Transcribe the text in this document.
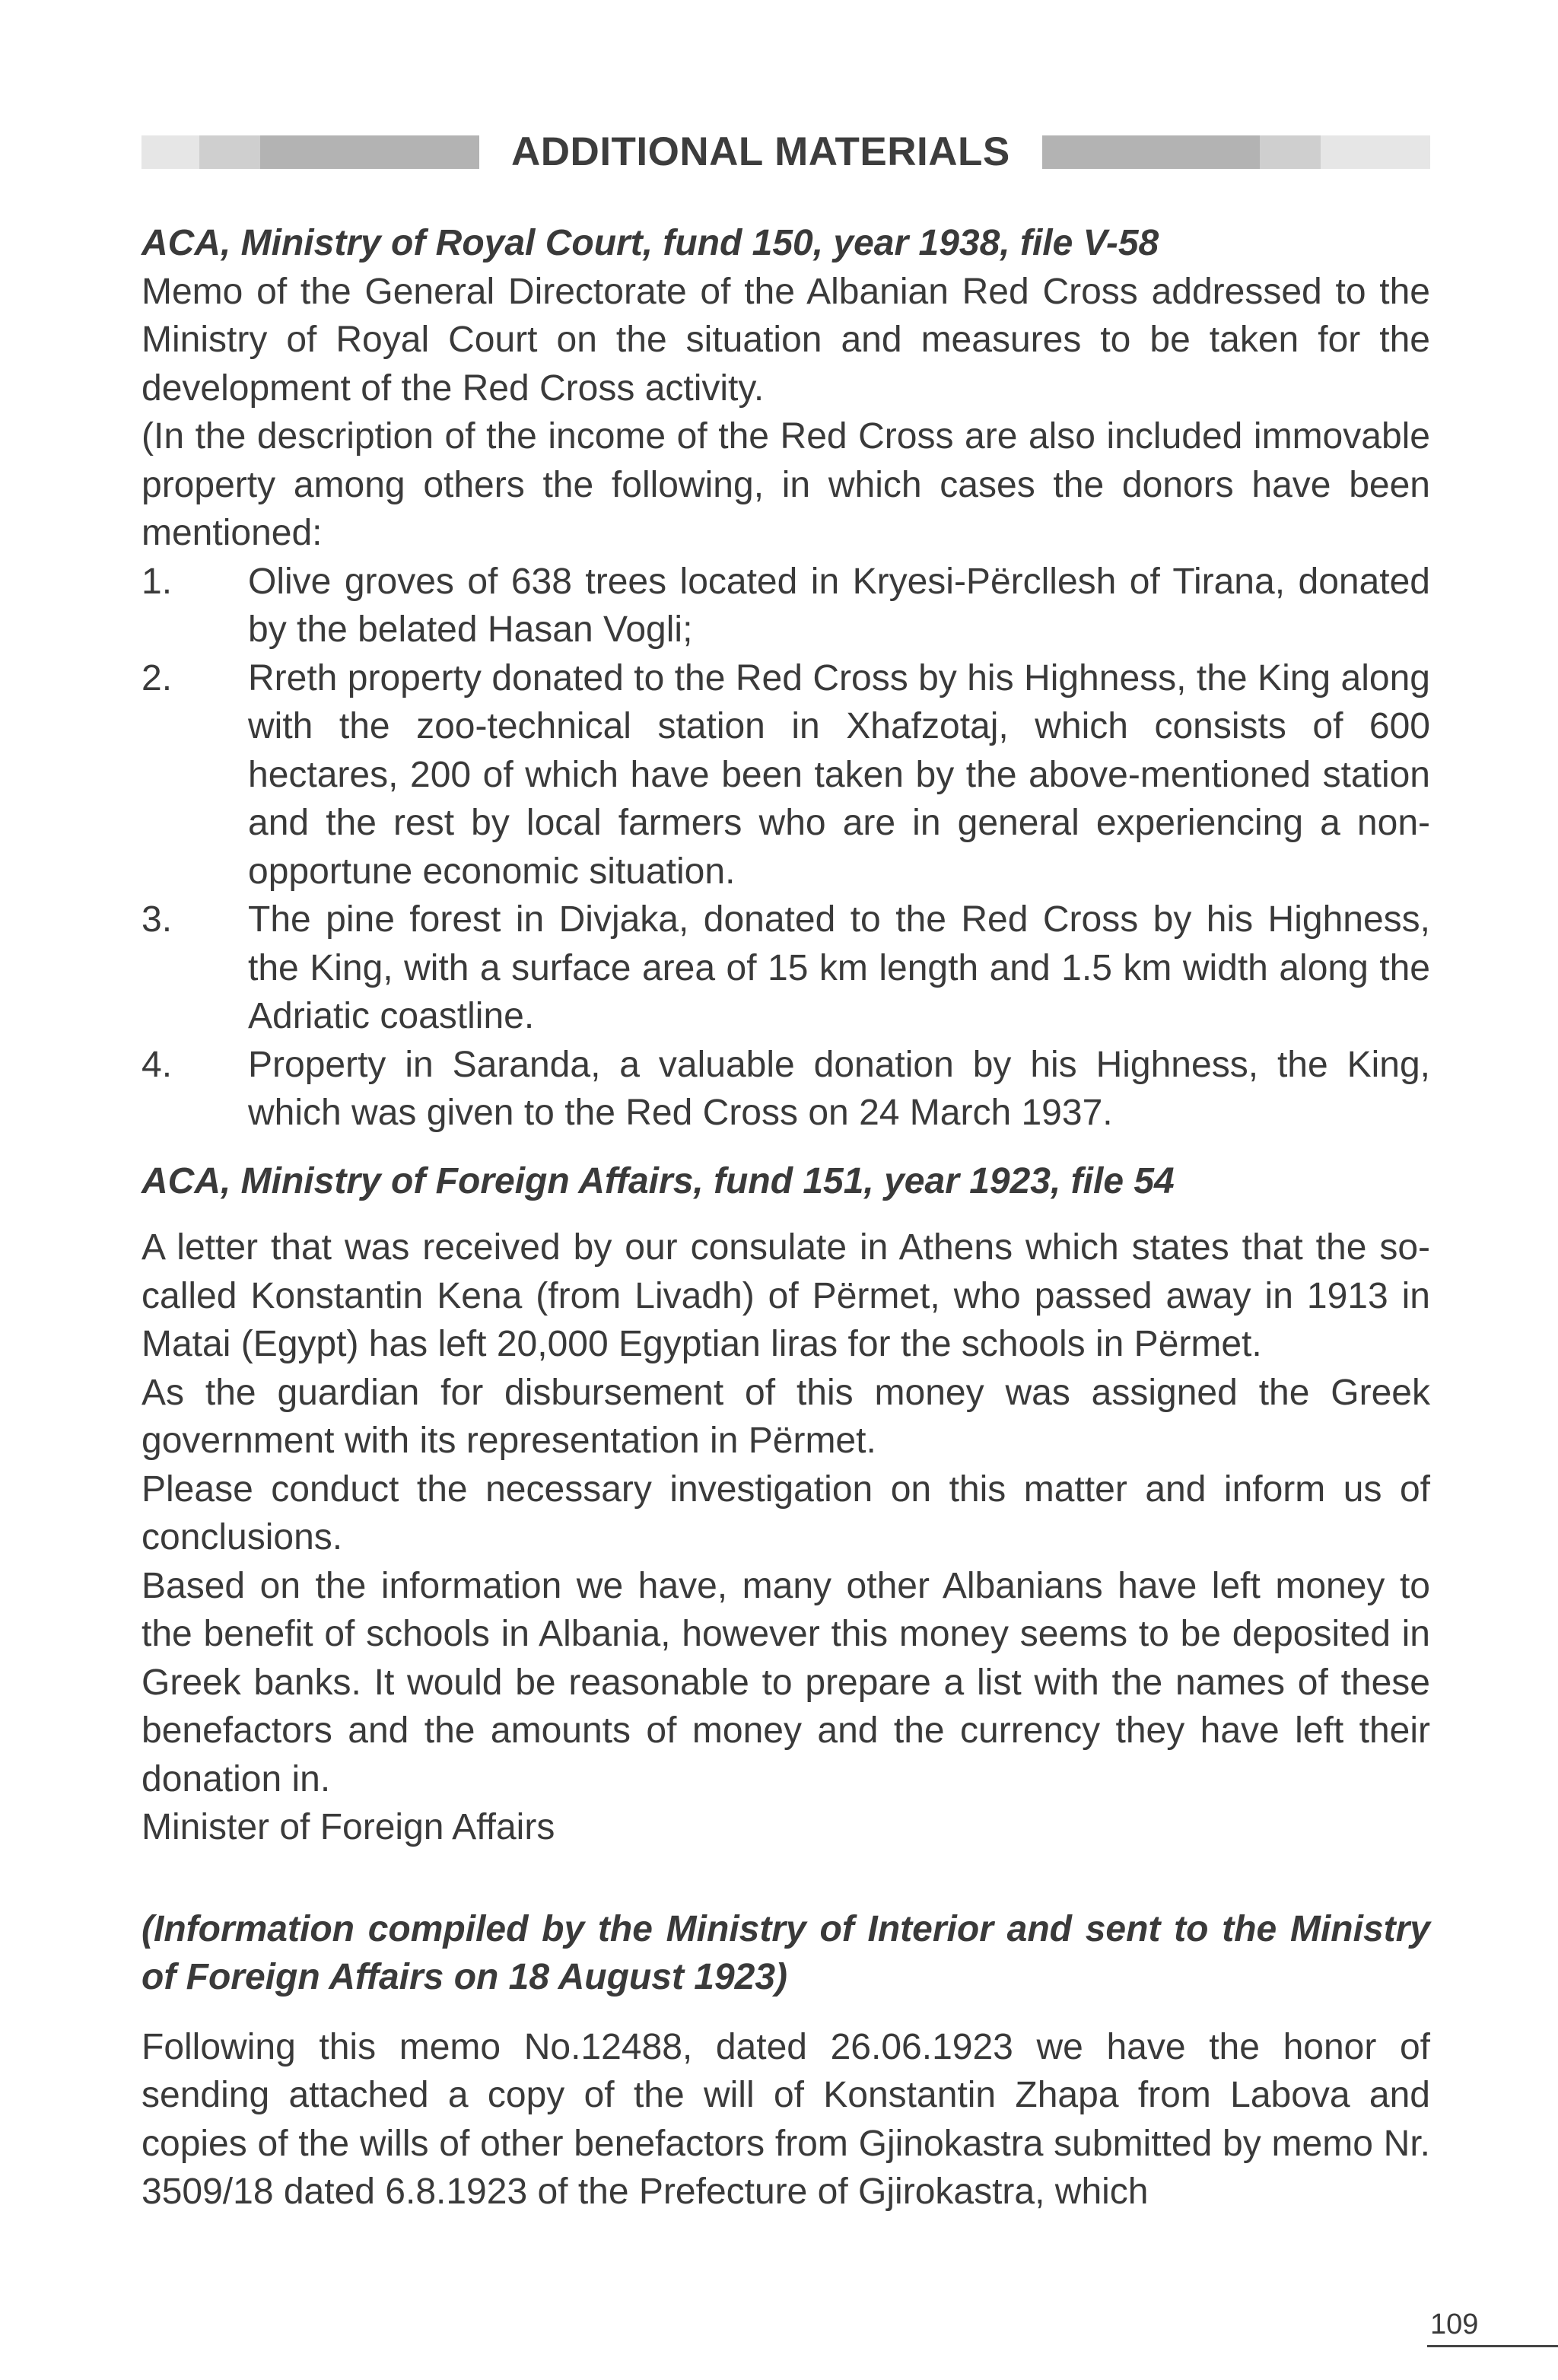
ADDITIONAL MATERIALS

ACA, Ministry of Royal Court, fund 150, year 1938, file V-58

Memo of the General Directorate of the Albanian Red Cross addressed to the Ministry of Royal Court on the situation and measures to be taken for the development of the Red Cross activity.

(In the description of the income of the Red Cross are also included immovable property among others the following, in which cases the donors have been mentioned:

1.	Olive groves of 638 trees located in Kryesi-Përcllesh of Tirana, donated by the belated Hasan Vogli;
2.	Rreth property donated to the Red Cross by his Highness, the King along with the zoo-technical station in Xhafzotaj, which consists of 600 hectares, 200 of which have been taken by the above-mentioned station and the rest by local farmers who are in general experiencing a non-opportune economic situation.
3.	The pine forest in Divjaka, donated to the Red Cross by his Highness, the King, with a surface area of 15 km length and 1.5 km width along the Adriatic coastline.
4.	Property in Saranda, a valuable donation by his Highness, the King, which was given to the Red Cross on 24 March 1937.

ACA, Ministry of Foreign Affairs, fund 151, year 1923, file 54

A letter that was received by our consulate in Athens which states that the so-called Konstantin Kena (from Livadh) of Përmet, who passed away in 1913 in Matai (Egypt) has left 20,000 Egyptian liras for the schools in Përmet.

As the guardian for disbursement of this money was assigned the Greek government with its representation in Përmet.

Please conduct the necessary investigation on this matter and inform us of conclusions.

Based on the information we have, many other Albanians have left money to the benefit of schools in Albania, however this money seems to be deposited in Greek banks. It would be reasonable to prepare a list with the names of these benefactors and the amounts of money and the currency they have left their donation in.

Minister of Foreign Affairs

(Information compiled by the Ministry of Interior and sent to the Ministry of Foreign Affairs on 18 August 1923)

Following this memo No.12488, dated 26.06.1923 we have the honor of sending attached a copy of the will of Konstantin Zhapa from Labova and copies of the wills of other benefactors from Gjinokastra submitted by memo Nr. 3509/18 dated 6.8.1923 of the Prefecture of Gjirokastra, which

109
